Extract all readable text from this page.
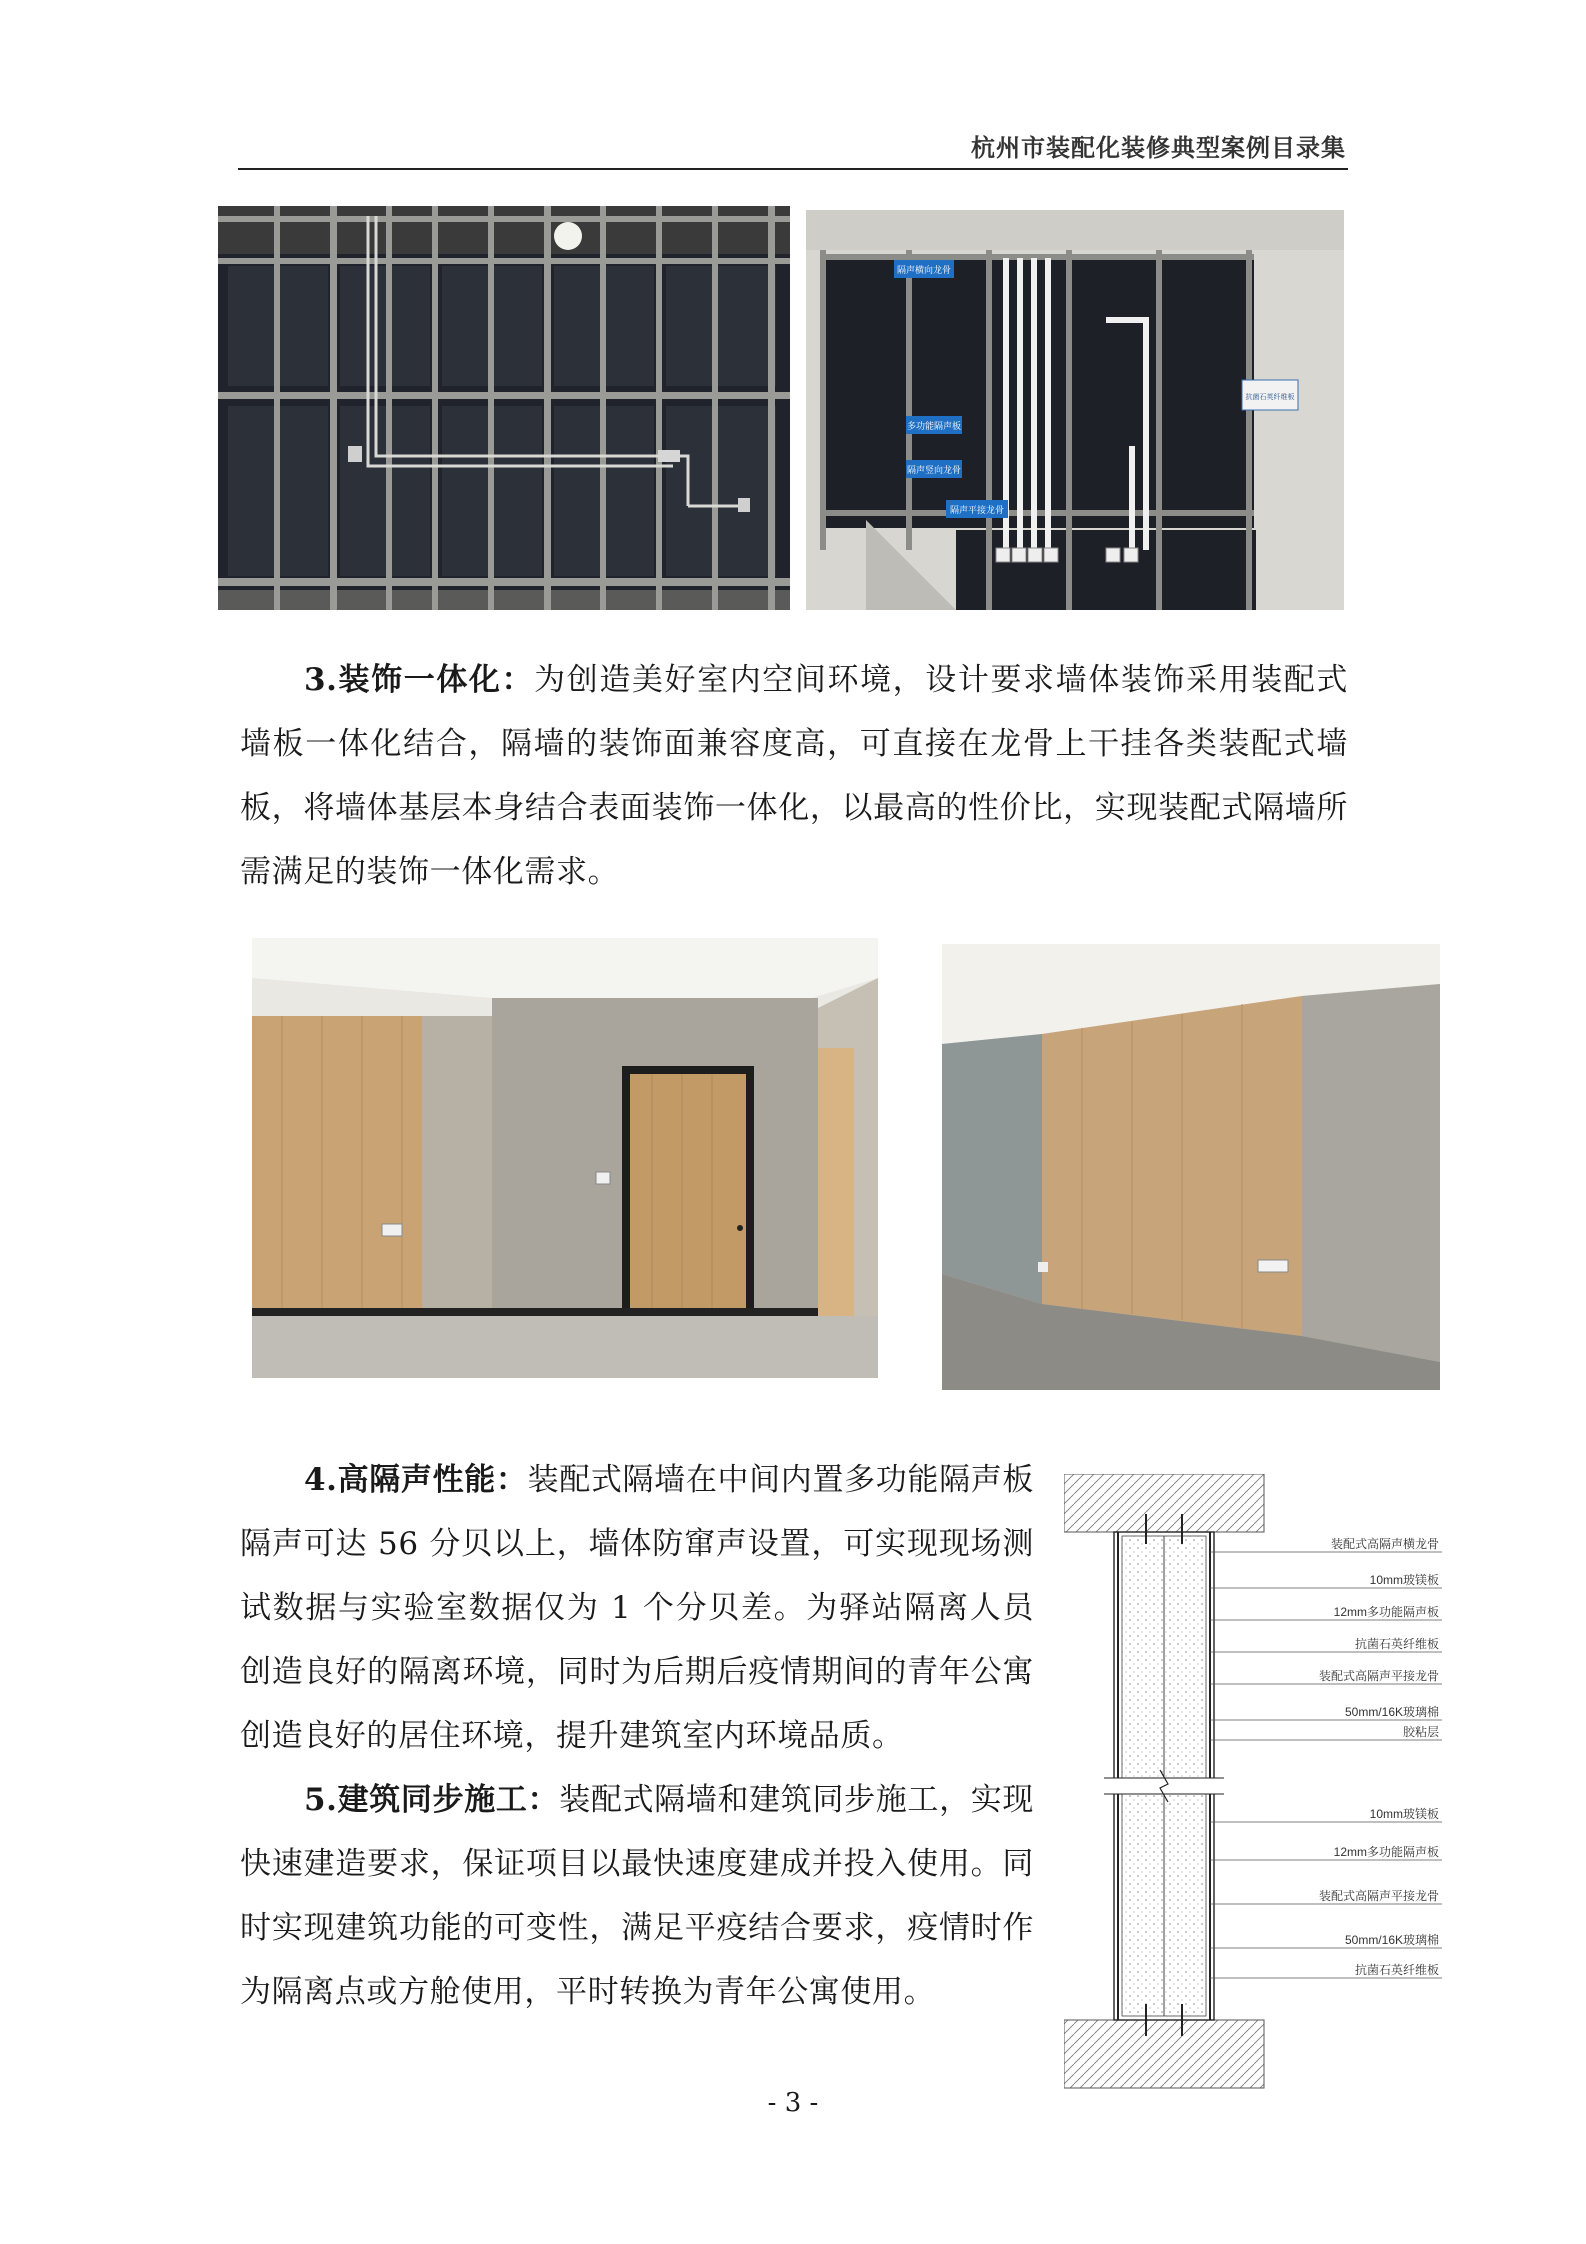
杭州市装配化装修典型案例目录集
隔声横向龙骨
多功能隔声板
隔声竖向龙骨
隔声平接龙骨
抗菌石英纤维板
3.装饰一体化：为创造美好室内空间环境，设计要求墙体装饰采用装配式墙板一体化结合，隔墙的装饰面兼容度高，可直接在龙骨上干挂各类装配式墙板，将墙体基层本身结合表面装饰一体化，以最高的性价比，实现装配式隔墙所需满足的装饰一体化需求。
4.高隔声性能：装配式隔墙在中间内置多功能隔声板隔声可达 56 分贝以上，墙体防窜声设置，可实现现场测试数据与实验室数据仅为 1 个分贝差。为驿站隔离人员创造良好的隔离环境，同时为后期后疫情期间的青年公寓创造良好的居住环境，提升建筑室内环境品质。
5.建筑同步施工：装配式隔墙和建筑同步施工，实现快速建造要求，保证项目以最快速度建成并投入使用。同时实现建筑功能的可变性，满足平疫结合要求，疫情时作为隔离点或方舱使用，平时转换为青年公寓使用。
装配式高隔声横龙骨
10mm玻镁板
12mm多功能隔声板
抗菌石英纤维板
装配式高隔声平接龙骨
50mm/16K玻璃棉
胶粘层
10mm玻镁板
12mm多功能隔声板
装配式高隔声平接龙骨
50mm/16K玻璃棉
抗菌石英纤维板
- 3 -
